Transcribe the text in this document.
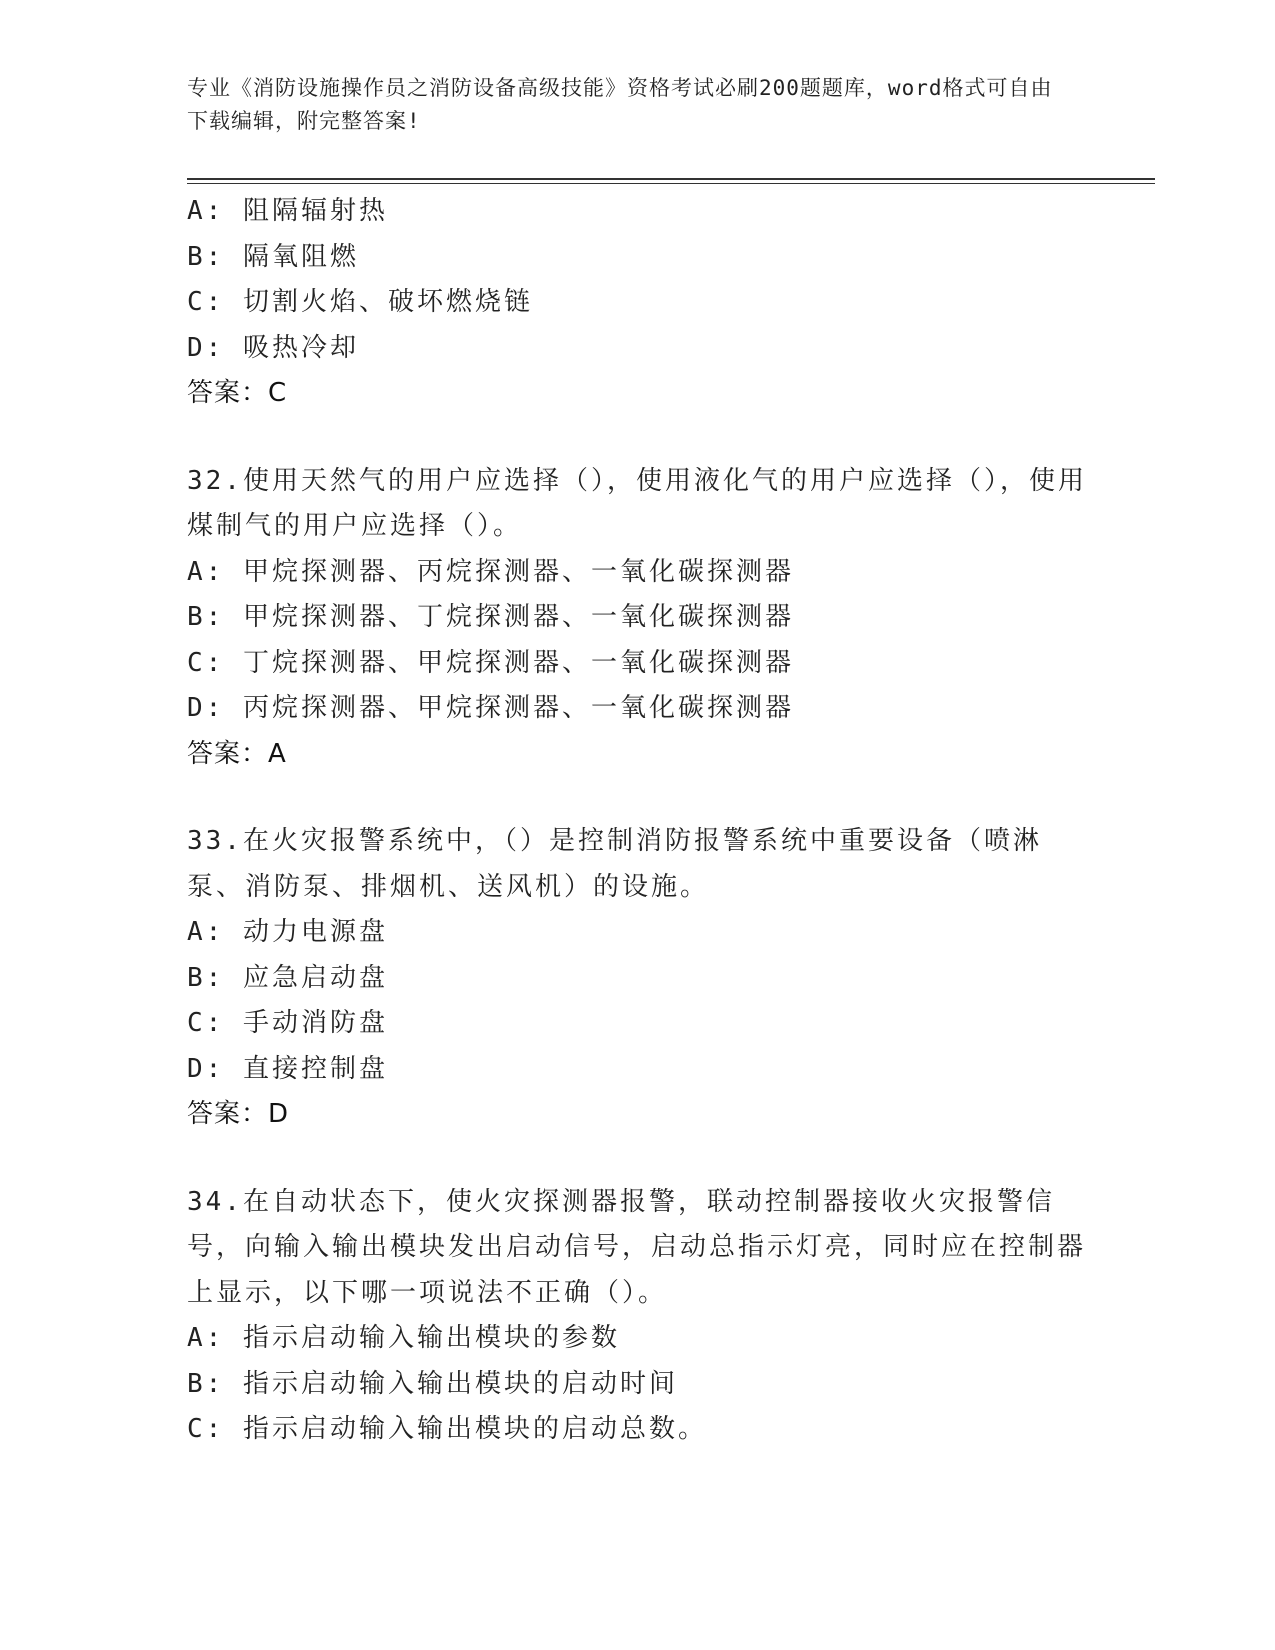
专业《消防设施操作员之消防设备高级技能》资格考试必刷200题题库，word格式可自由下载编辑，附完整答案!
A: 阻隔辐射热
B: 隔氧阻燃
C: 切割火焰、破坏燃烧链
D: 吸热冷却
答案：C
32.使用天然气的用户应选择（），使用液化气的用户应选择（），使用煤制气的用户应选择（）。
A: 甲烷探测器、丙烷探测器、一氧化碳探测器
B: 甲烷探测器、丁烷探测器、一氧化碳探测器
C: 丁烷探测器、甲烷探测器、一氧化碳探测器
D: 丙烷探测器、甲烷探测器、一氧化碳探测器
答案：A
33.在火灾报警系统中，（）是控制消防报警系统中重要设备（喷淋泵、消防泵、排烟机、送风机）的设施。
A: 动力电源盘
B: 应急启动盘
C: 手动消防盘
D: 直接控制盘
答案：D
34.在自动状态下，使火灾探测器报警，联动控制器接收火灾报警信号，向输入输出模块发出启动信号，启动总指示灯亮，同时应在控制器上显示，以下哪一项说法不正确（）。
A: 指示启动输入输出模块的参数
B: 指示启动输入输出模块的启动时间
C: 指示启动输入输出模块的启动总数。
